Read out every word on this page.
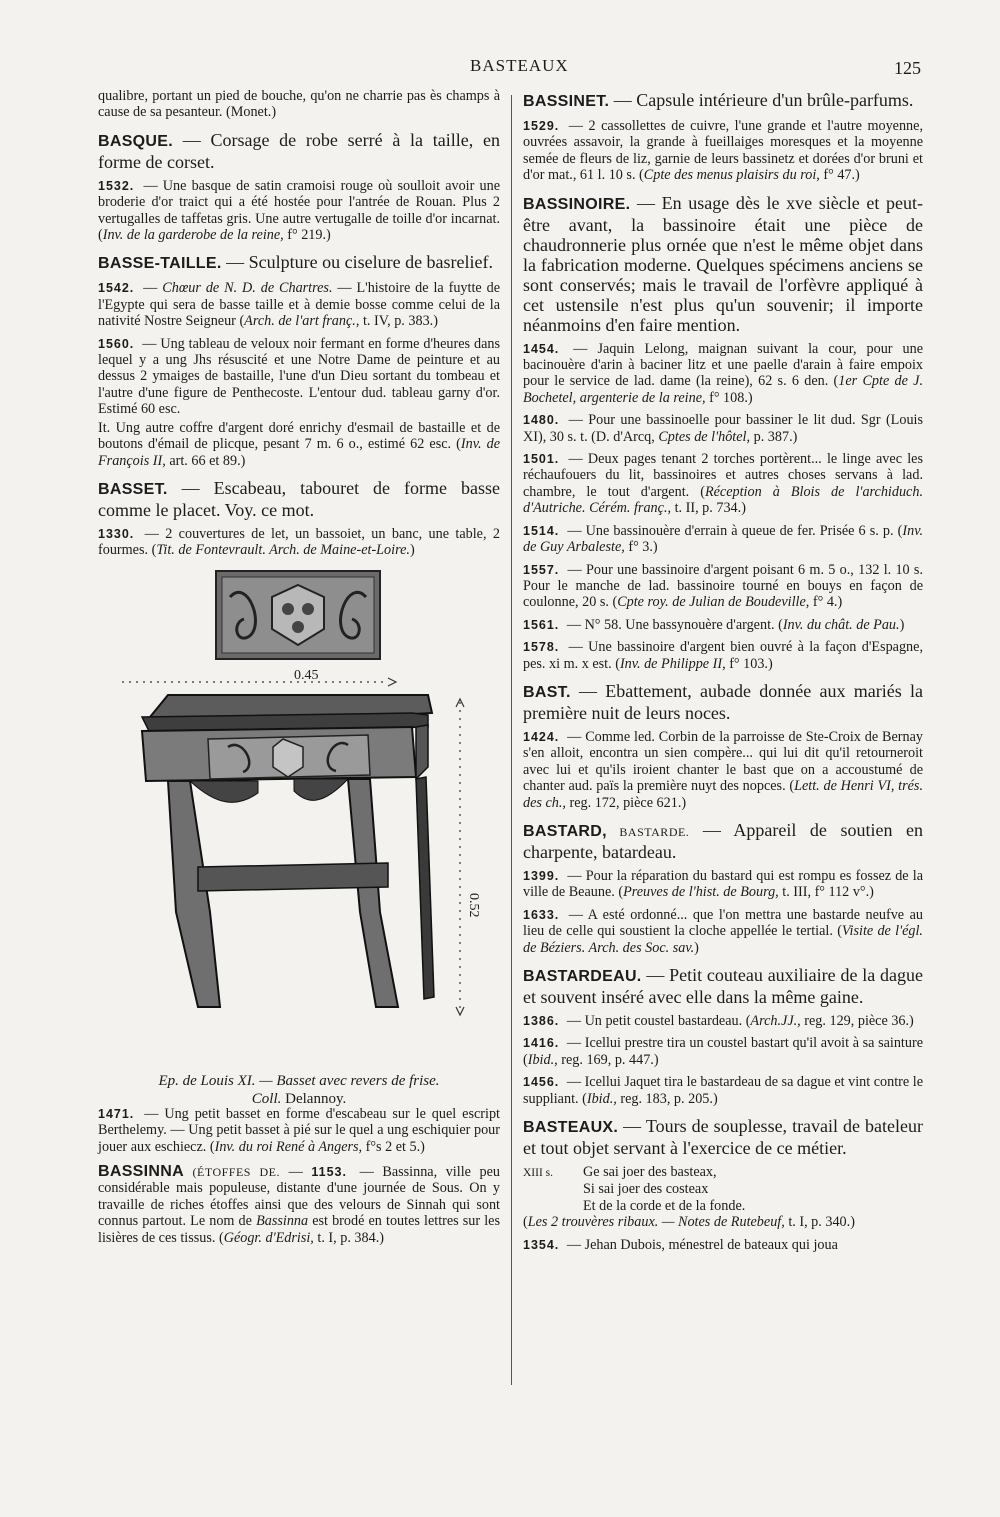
BASTEAUX	125

qualibre, portant un pied de bouche, qu'on ne charrie pas ès champs à cause de sa pesanteur. (Monet.)

BASQUE. — Corsage de robe serré à la taille, en forme de corset.

1532. — Une basque de satin cramoisi rouge où soulloit avoir une broderie d'or traict qui a été hostée pour l'antrée de Rouan. Plus 2 vertugalles de taffetas gris. Une autre vertugalle de toille d'or incarnat. (Inv. de la garderobe de la reine, f° 219.)

BASSE-TAILLE. — Sculpture ou ciselure de basrelief.

1542. — Chœur de N. D. de Chartres. — L'histoire de la fuytte de l'Egypte qui sera de basse taille et à demie bosse comme celui de la nativité Nostre Seigneur (Arch. de l'art franç., t. IV, p. 383.)

1560. — Ung tableau de veloux noir fermant en forme d'heures dans lequel y a ung Jhs résuscité et une Notre Dame de peinture et au dessus 2 ymaiges de bastaille, l'une d'un Dieu sortant du tombeau et l'autre d'une figure de Penthecoste. L'entour dud. tableau garny d'or. Estimé 60 esc.

It. Ung autre coffre d'argent doré enrichy d'esmail de bastaille et de boutons d'émail de plicque, pesant 7 m. 6 o., estimé 62 esc. (Inv. de François II, art. 66 et 89.)

BASSET. — Escabeau, tabouret de forme basse comme le placet. Voy. ce mot.

1330. — 2 couvertures de let, un bassoiet, un banc, une table, 2 fourmes. (Tit. de Fontevrault. Arch. de Maine-et-Loire.)

0.45
0.52
Ep. de Louis XI. — Basset avec revers de frise.
Coll. Delannoy.

1471. — Ung petit basset en forme d'escabeau sur le quel escript Berthelemy. — Ung petit basset à pié sur le quel a ung eschiquier pour jouer aux eschiecz. (Inv. du roi René à Angers, f°s 2 et 5.)

BASSINNA (ÉTOFFES DE. — 1153. — Bassinna, ville peu considérable mais populeuse, distante d'une journée de Sous. On y travaille de riches étoffes ainsi que des velours de Sinnah qui sont connus partout. Le nom de Bassinna est brodé en toutes lettres sur les lisières de ces tissus. (Géogr. d'Edrisi, t. I, p. 384.)

BASSINET. — Capsule intérieure d'un brûle-parfums.

1529. — 2 cassollettes de cuivre, l'une grande et l'autre moyenne, ouvrées assavoir, la grande à fueillaiges moresques et la moyenne semée de fleurs de liz, garnie de leurs bassinetz et dorées d'or bruni et d'or mat., 61 l. 10 s. (Cpte des menus plaisirs du roi, f° 47.)

BASSINOIRE. — En usage dès le xve siècle et peut-être avant, la bassinoire était une pièce de chaudronnerie plus ornée que n'est le même objet dans la fabrication moderne. Quelques spécimens anciens se sont conservés; mais le travail de l'orfèvre appliqué à cet ustensile n'est plus qu'un souvenir; il importe néanmoins d'en faire mention.

1454. — Jaquin Lelong, maignan suivant la cour, pour une bacinouère d'arin à baciner litz et une paelle d'arain à faire empoix pour le service de lad. dame (la reine), 62 s. 6 den. (1er Cpte de J. Bochetel, argenterie de la reine, f° 108.)

1480. — Pour une bassinoelle pour bassiner le lit dud. Sgr (Louis XI), 30 s. t. (D. d'Arcq, Cptes de l'hôtel, p. 387.)

1501. — Deux pages tenant 2 torches portèrent... le linge avec les réchaufouers du lit, bassinoires et autres choses servans à lad. chambre, le tout d'argent. (Réception à Blois de l'archiduch. d'Autriche. Cérém. franç., t. II, p. 734.)

1514. — Une bassinouère d'errain à queue de fer. Prisée 6 s. p. (Inv. de Guy Arbaleste, f° 3.)

1557. — Pour une bassinoire d'argent poisant 6 m. 5 o., 132 l. 10 s. Pour le manche de lad. bassinoire tourné en bouys en façon de coulonne, 20 s. (Cpte roy. de Julian de Boudeville, f° 4.)

1561. — N° 58. Une bassynouère d'argent. (Inv. du chât. de Pau.)

1578. — Une bassinoire d'argent bien ouvré à la façon d'Espagne, pes. xi m. x est. (Inv. de Philippe II, f° 103.)

BAST. — Ebattement, aubade donnée aux mariés la première nuit de leurs noces.

1424. — Comme led. Corbin de la parroisse de Ste-Croix de Bernay s'en alloit, encontra un sien compère... qui lui dit qu'il retourneroit avec lui et qu'ils iroient chanter le bast que on a accoustumé de chanter aud. païs la première nuyt des nopces. (Lett. de Henri VI, trés. des ch., reg. 172, pièce 621.)

BASTARD, BASTARDE. — Appareil de soutien en charpente, batardeau.

1399. — Pour la réparation du bastard qui est rompu es fossez de la ville de Beaune. (Preuves de l'hist. de Bourg, t. III, f° 112 v°.)

1633. — A esté ordonné... que l'on mettra une bastarde neufve au lieu de celle qui soustient la cloche appellée le tertial. (Visite de l'égl. de Béziers. Arch. des Soc. sav.)

BASTARDEAU. — Petit couteau auxiliaire de la dague et souvent inséré avec elle dans la même gaine.

1386. — Un petit coustel bastardeau. (Arch.JJ., reg. 129, pièce 36.)

1416. — Icellui prestre tira un coustel bastart qu'il avoit à sa sainture (Ibid., reg. 169, p. 447.)

1456. — Icellui Jaquet tira le bastardeau de sa dague et vint contre le suppliant. (Ibid., reg. 183, p. 205.)

BASTEAUX. — Tours de souplesse, travail de bateleur et tout objet servant à l'exercice de ce métier.

XIII s. Ge sai joer des basteax,
Si sai joer des costeax
Et de la corde et de la fonde.
(Les 2 trouvères ribaux. — Notes de Rutebeuf, t. I, p. 340.)

1354. — Jehan Dubois, ménestrel de bateaux qui joua
